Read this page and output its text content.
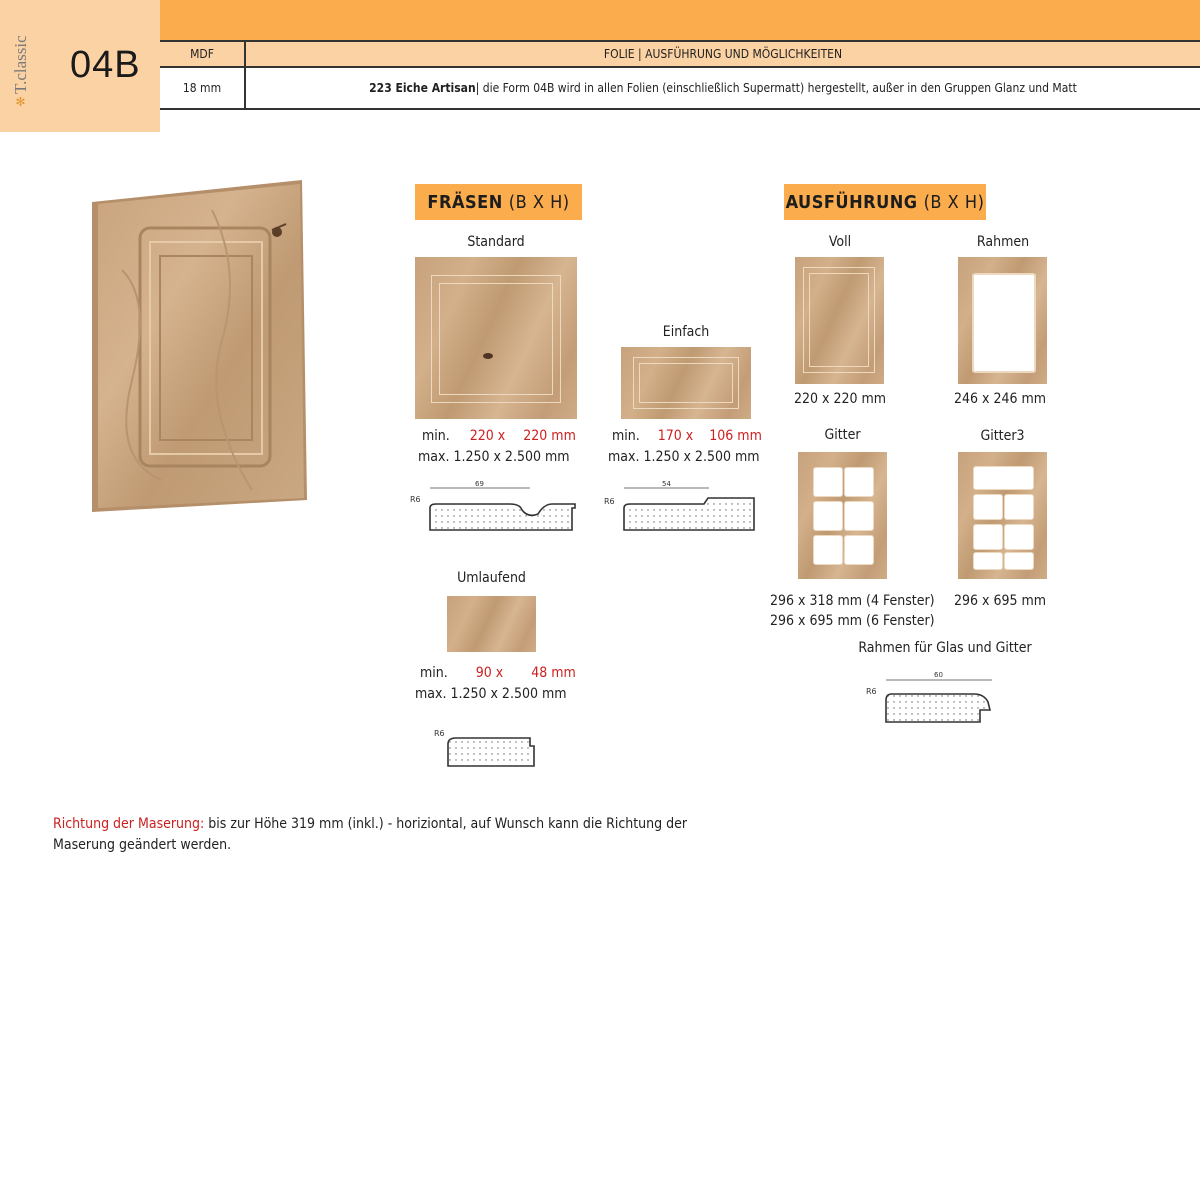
✻
T.classic 04B	MDF	FOLIE | AUSFÜHRUNG UND MÖGLICHKEITEN
18 mm	223 Eiche Artisan | die Form 04B wird in allen Folien (einschließlich Supermatt) hergestellt, außer in den Gruppen Glanz und Matt
FRÄSEN (B X H)
Standard
min. 220 x 220 mm
max. 1.250 x 2.500 mm
R6
69
Einfach
min. 170 x 106 mm
max. 1.250 x 2.500 mm
R6
54
Umlaufend
min. 90 x 48 mm
max. 1.250 x 2.500 mm
R6
AUSFÜHRUNG (B X H)
Voll
220 x 220 mm
Rahmen
246 x 246 mm
Gitter
296 x 318 mm (4 Fenster)
296 x 695 mm (6 Fenster)
Gitter3
296 x 695 mm
Rahmen für Glas und Gitter
R6
60
Richtung der Maserung: bis zur Höhe 319 mm (inkl.) - horiziontal, auf Wunsch kann die Richtung der Maserung geändert werden.
